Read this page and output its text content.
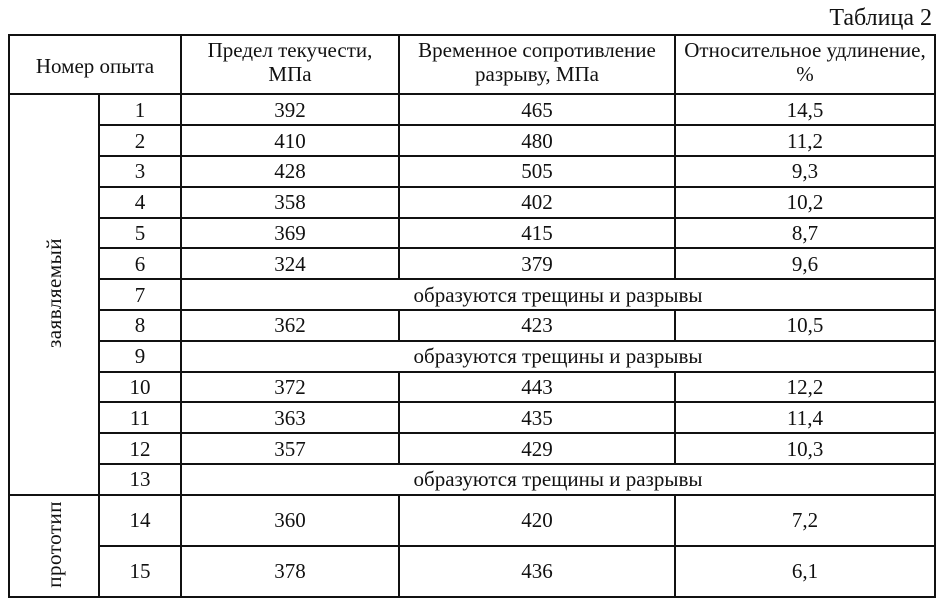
Таблица 2
Номер опыта		Предел текучести, МПа	Временное сопротивление разрыву, МПа	Относительное удлинение, %
заявляемый	1	392	465	14,5
	2	410	480	11,2
	3	428	505	9,3
	4	358	402	10,2
	5	369	415	8,7
	6	324	379	9,6
	7	образуются трещины и разрывы		
	8	362	423	10,5
	9	образуются трещины и разрывы		
	10	372	443	12,2
	11	363	435	11,4
	12	357	429	10,3
	13	образуются трещины и разрывы		
прототип	14	360	420	7,2
	15	378	436	6,1
